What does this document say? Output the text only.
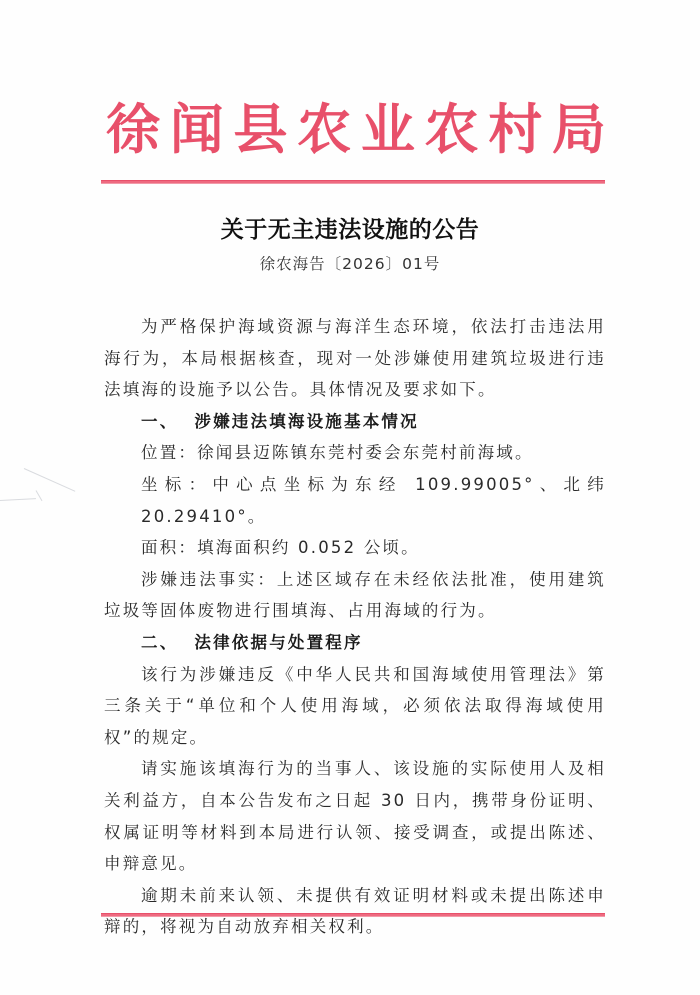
徐 闻 县 农 业 农 村 局
关于无主违法设施的公告
徐农海告〔2026〕01号

为严格保护海域资源与海洋生态环境，依法打击违法用海行为，本局根据核查，现对一处涉嫌使用建筑垃圾进行违法填海的设施予以公告。具体情况及要求如下。

一、 涉嫌违法填海设施基本情况

位置：徐闻县迈陈镇东莞村委会东莞村前海域。

坐标：中心点坐标为东经 109.99005°、北纬 20.29410°。

面积：填海面积约 0.052 公顷。

涉嫌违法事实：上述区域存在未经依法批准，使用建筑垃圾等固体废物进行围填海、占用海域的行为。

二、 法律依据与处置程序

该行为涉嫌违反《中华人民共和国海域使用管理法》第三条关于“单位和个人使用海域，必须依法取得海域使用权”的规定。

请实施该填海行为的当事人、该设施的实际使用人及相关利益方，自本公告发布之日起 30 日内，携带身份证明、权属证明等材料到本局进行认领、接受调查，或提出陈述、申辩意见。

逾期未前来认领、未提供有效证明材料或未提出陈述申辩的，将视为自动放弃相关权利。
